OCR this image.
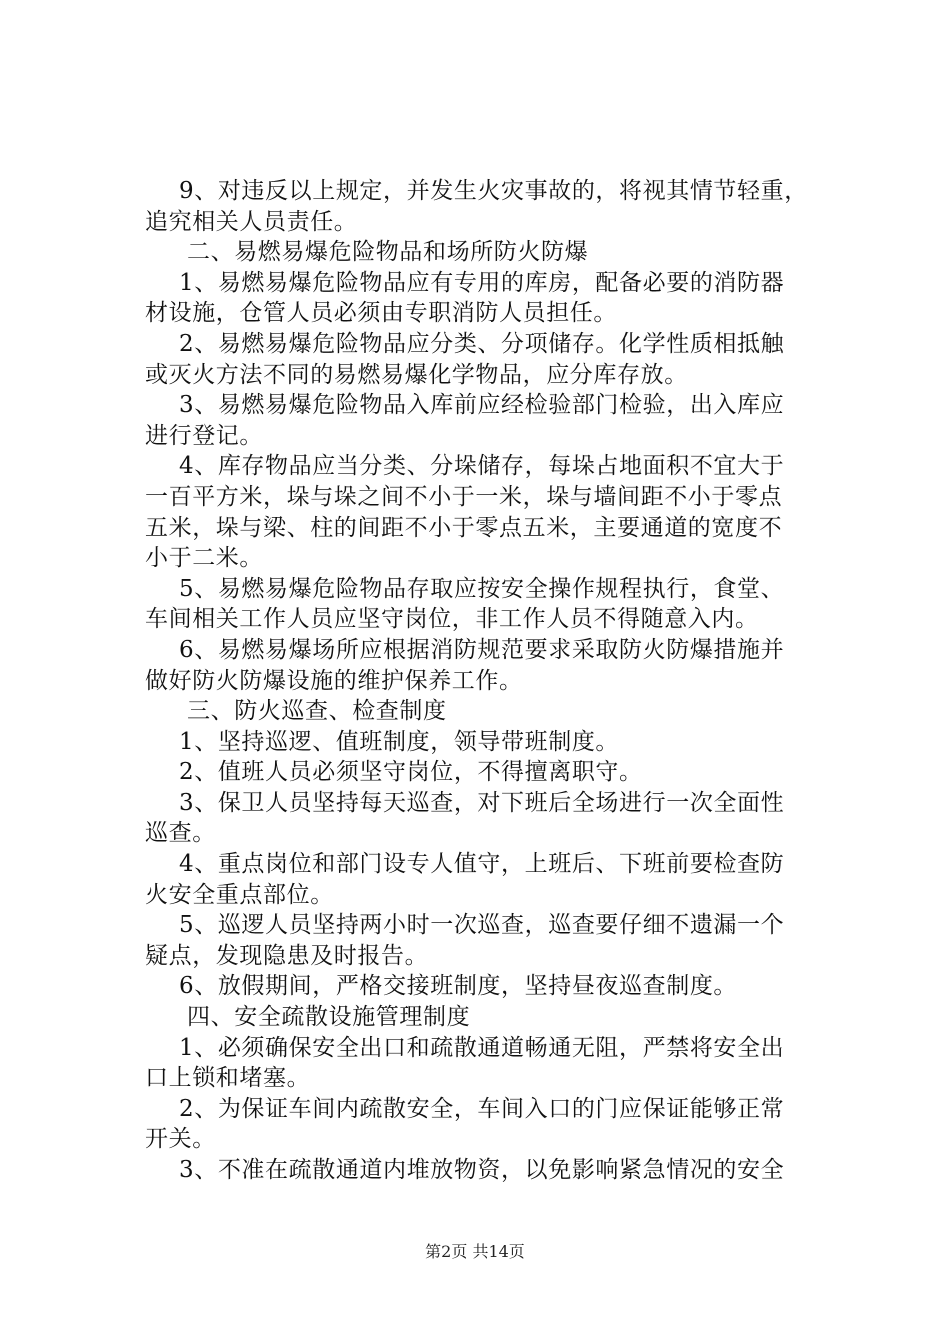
9、对违反以上规定，并发生火灾事故的，将视其情节轻重，
追究相关人员责任。
二、易燃易爆危险物品和场所防火防爆
1、易燃易爆危险物品应有专用的库房，配备必要的消防器
材设施，仓管人员必须由专职消防人员担任。
2、易燃易爆危险物品应分类、分项储存。化学性质相抵触
或灭火方法不同的易燃易爆化学物品，应分库存放。
3、易燃易爆危险物品入库前应经检验部门检验，出入库应
进行登记。
4、库存物品应当分类、分垛储存，每垛占地面积不宜大于
一百平方米，垛与垛之间不小于一米，垛与墙间距不小于零点
五米，垛与梁、柱的间距不小于零点五米，主要通道的宽度不
小于二米。
5、易燃易爆危险物品存取应按安全操作规程执行，食堂、
车间相关工作人员应坚守岗位，非工作人员不得随意入内。
6、易燃易爆场所应根据消防规范要求采取防火防爆措施并
做好防火防爆设施的维护保养工作。
三、防火巡查、检查制度
1、坚持巡逻、值班制度，领导带班制度。
2、值班人员必须坚守岗位，不得擅离职守。
3、保卫人员坚持每天巡查，对下班后全场进行一次全面性
巡查。
4、重点岗位和部门设专人值守，上班后、下班前要检查防
火安全重点部位。
5、巡逻人员坚持两小时一次巡查，巡查要仔细不遗漏一个
疑点，发现隐患及时报告。
6、放假期间，严格交接班制度，坚持昼夜巡查制度。
四、安全疏散设施管理制度
1、必须确保安全出口和疏散通道畅通无阻，严禁将安全出
口上锁和堵塞。
2、为保证车间内疏散安全，车间入口的门应保证能够正常
开关。
3、不准在疏散通道内堆放物资，以免影响紧急情况的安全
第2页 共14页
